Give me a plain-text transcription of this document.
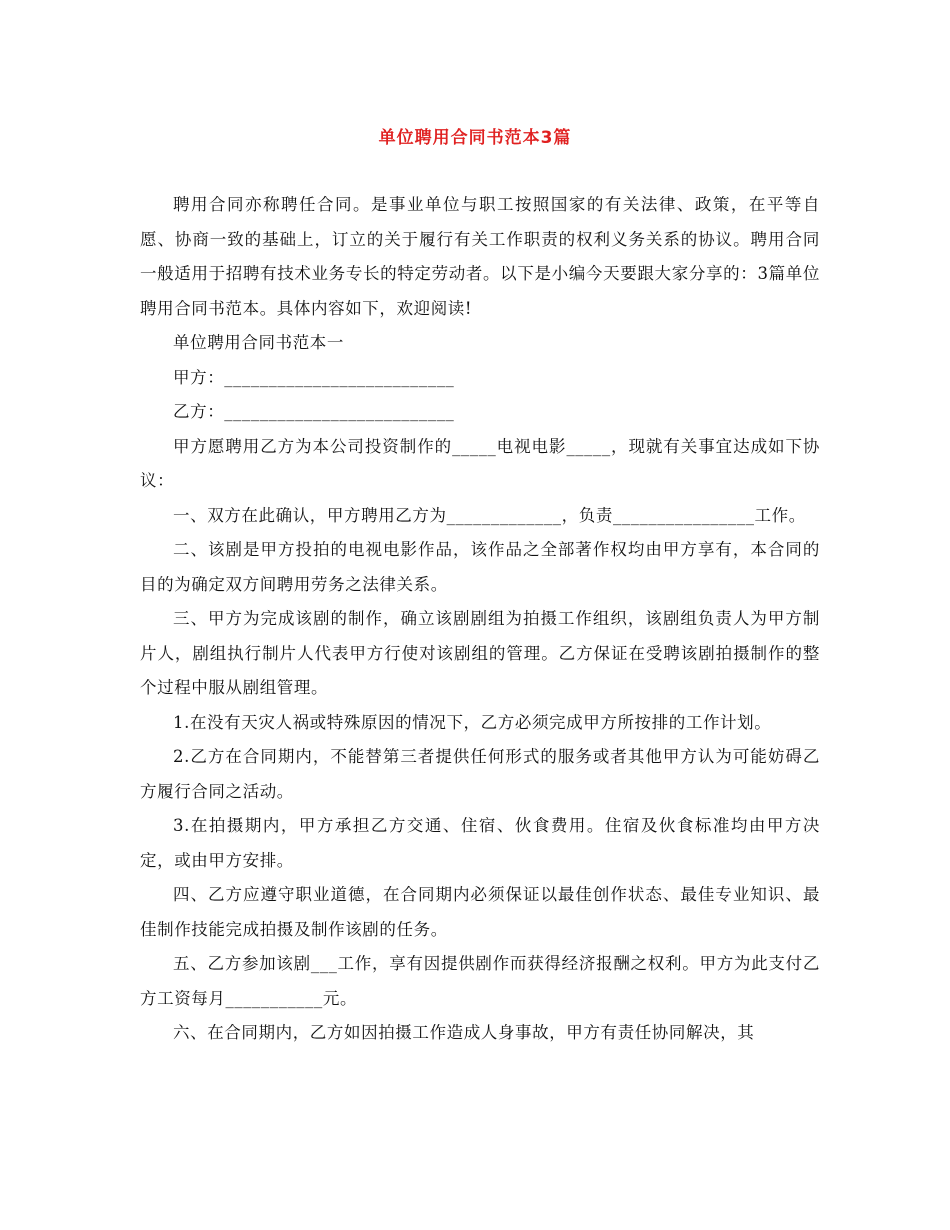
单位聘用合同书范本3篇

聘用合同亦称聘任合同。是事业单位与职工按照国家的有关法律、政策，在平等自愿、协商一致的基础上，订立的关于履行有关工作职责的权利义务关系的协议。聘用合同一般适用于招聘有技术业务专长的特定劳动者。以下是小编今天要跟大家分享的：3篇单位聘用合同书范本。具体内容如下，欢迎阅读!

单位聘用合同书范本一

甲方：__________________________

乙方：__________________________

甲方愿聘用乙方为本公司投资制作的_____电视电影_____，现就有关事宜达成如下协议：

一、双方在此确认，甲方聘用乙方为_____________，负责________________工作。

二、该剧是甲方投拍的电视电影作品，该作品之全部著作权均由甲方享有，本合同的目的为确定双方间聘用劳务之法律关系。

三、甲方为完成该剧的制作，确立该剧剧组为拍摄工作组织，该剧组负责人为甲方制片人，剧组执行制片人代表甲方行使对该剧组的管理。乙方保证在受聘该剧拍摄制作的整个过程中服从剧组管理。

1.在没有天灾人祸或特殊原因的情况下，乙方必须完成甲方所按排的工作计划。

2.乙方在合同期内，不能替第三者提供任何形式的服务或者其他甲方认为可能妨碍乙方履行合同之活动。

3.在拍摄期内，甲方承担乙方交通、住宿、伙食费用。住宿及伙食标准均由甲方决定，或由甲方安排。

四、乙方应遵守职业道德，在合同期内必须保证以最佳创作状态、最佳专业知识、最佳制作技能完成拍摄及制作该剧的任务。

五、乙方参加该剧___工作，享有因提供剧作而获得经济报酬之权利。甲方为此支付乙方工资每月___________元。

六、在合同期内，乙方如因拍摄工作造成人身事故，甲方有责任协同解决，其
